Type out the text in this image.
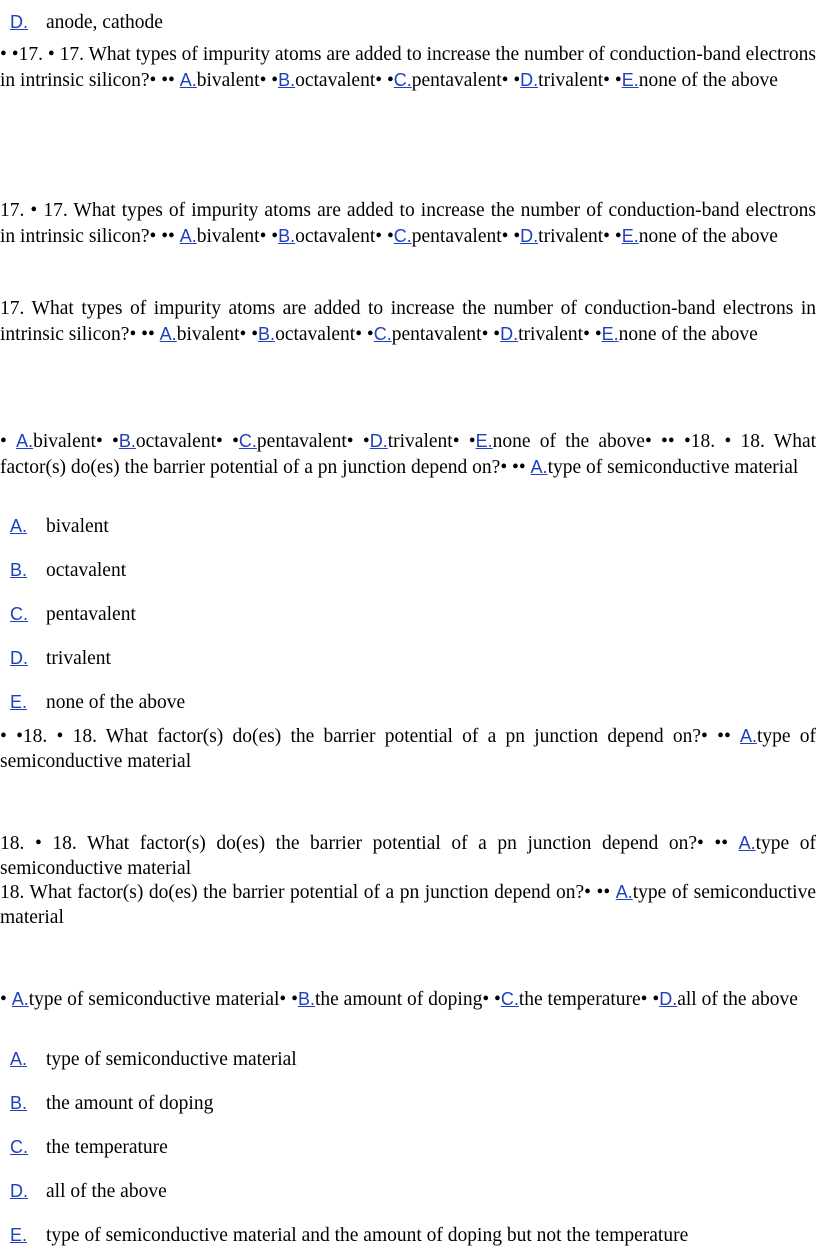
D. anode, cathode
• •17. • 17. What types of impurity atoms are added to increase the number of conduction-band electrons in intrinsic silicon?• •• A.bivalent• •B.octavalent• •C.pentavalent• •D.trivalent• •E.none of the above
17. • 17. What types of impurity atoms are added to increase the number of conduction-band electrons in intrinsic silicon?• •• A.bivalent• •B.octavalent• •C.pentavalent• •D.trivalent• •E.none of the above
17. What types of impurity atoms are added to increase the number of conduction-band electrons in intrinsic silicon?• •• A.bivalent• •B.octavalent• •C.pentavalent• •D.trivalent• •E.none of the above
• A.bivalent• •B.octavalent• •C.pentavalent• •D.trivalent• •E.none of the above• •• •18. • 18. What factor(s) do(es) the barrier potential of a pn junction depend on?• •• A.type of semiconductive material
A. bivalent
B. octavalent
C. pentavalent
D. trivalent
E. none of the above
• •18. • 18. What factor(s) do(es) the barrier potential of a pn junction depend on?• •• A.type of semiconductive material
18. • 18. What factor(s) do(es) the barrier potential of a pn junction depend on?• •• A.type of semiconductive material
18. What factor(s) do(es) the barrier potential of a pn junction depend on?• •• A.type of semiconductive material
• A.type of semiconductive material• •B.the amount of doping• •C.the temperature• •D.all of the above
A. type of semiconductive material
B. the amount of doping
C. the temperature
D. all of the above
E. type of semiconductive material and the amount of doping but not the temperature
